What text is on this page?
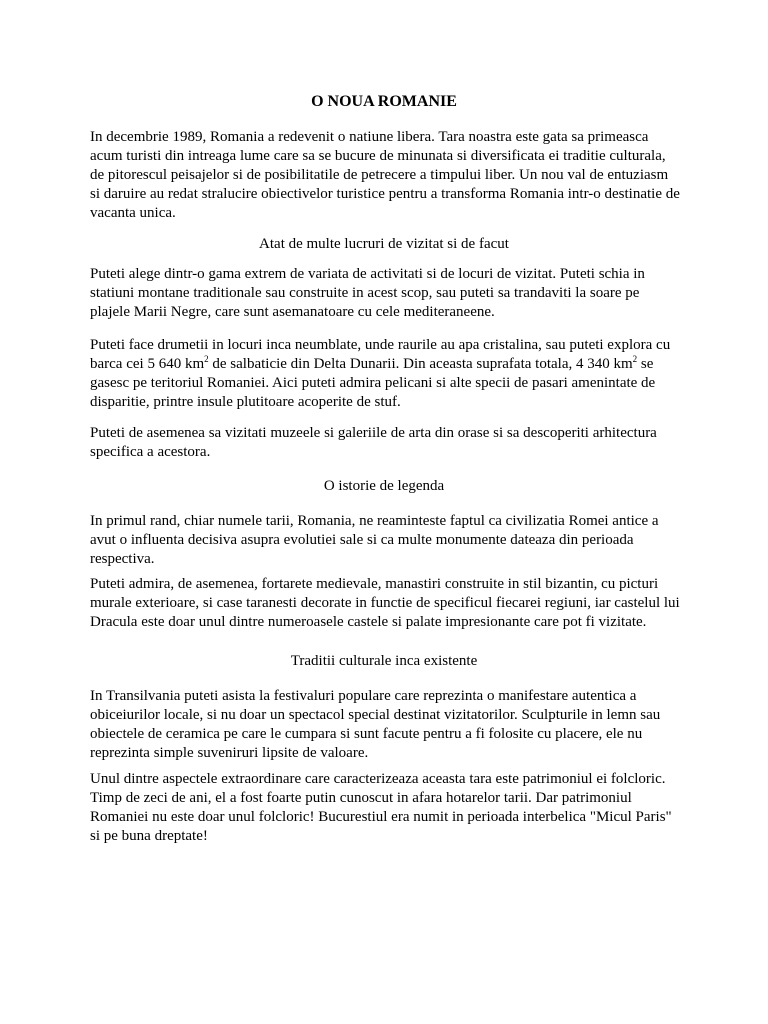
O NOUA ROMANIE

In decembrie 1989, Romania a redevenit o natiune libera. Tara noastra este gata sa primeasca acum turisti din intreaga lume care sa se bucure de minunata si diversificata ei traditie culturala, de pitorescul peisajelor si de posibilitatile de petrecere a timpului liber. Un nou val de entuziasm si daruire au redat stralucire obiectivelor turistice pentru a transforma Romania intr-o destinatie de vacanta unica.

Atat de multe lucruri de vizitat si de facut

Puteti alege dintr-o gama extrem de variata de activitati si de locuri de vizitat. Puteti schia in statiuni montane traditionale sau construite in acest scop, sau puteti sa trandaviti la soare pe plajele Marii Negre, care sunt asemanatoare cu cele mediteraneene.

Puteti face drumetii in locuri inca neumblate, unde raurile au apa cristalina, sau puteti explora cu barca cei 5 640 $km^2$ de salbaticie din Delta Dunarii. Din aceasta suprafata totala, 4 340 $km^2$ se gasesc pe teritoriul Romaniei. Aici puteti admira pelicani si alte specii de pasari amenintate de disparitie, printre insule plutitoare acoperite de stuf.

Puteti de asemenea sa vizitati muzeele si galeriile de arta din orase si sa descoperiti arhitectura specifica a acestora.

O istorie de legenda

In primul rand, chiar numele tarii, Romania, ne reaminteste faptul ca civilizatia Romei antice a avut o influenta decisiva asupra evolutiei sale si ca multe monumente dateaza din perioada respectiva.

Puteti admira, de asemenea, fortarete medievale, manastiri construite in stil bizantin, cu picturi murale exterioare, si case taranesti decorate in functie de specificul fiecarei regiuni, iar castelul lui Dracula este doar unul dintre numeroasele castele si palate impresionante care pot fi vizitate.

Traditii culturale inca existente

In Transilvania puteti asista la festivaluri populare care reprezinta o manifestare autentica a obiceiurilor locale, si nu doar un spectacol special destinat vizitatorilor. Sculpturile in lemn sau obiectele de ceramica pe care le cumpara si sunt facute pentru a fi folosite cu placere, ele nu reprezinta simple suveniruri lipsite de valoare.

Unul dintre aspectele extraordinare care caracterizeaza aceasta tara este patrimoniul ei folcloric. Timp de zeci de ani, el a fost foarte putin cunoscut in afara hotarelor tarii. Dar patrimoniul Romaniei nu este doar unul folcloric! Bucurestiul era numit in perioada interbelica "Micul Paris" si pe buna dreptate!
